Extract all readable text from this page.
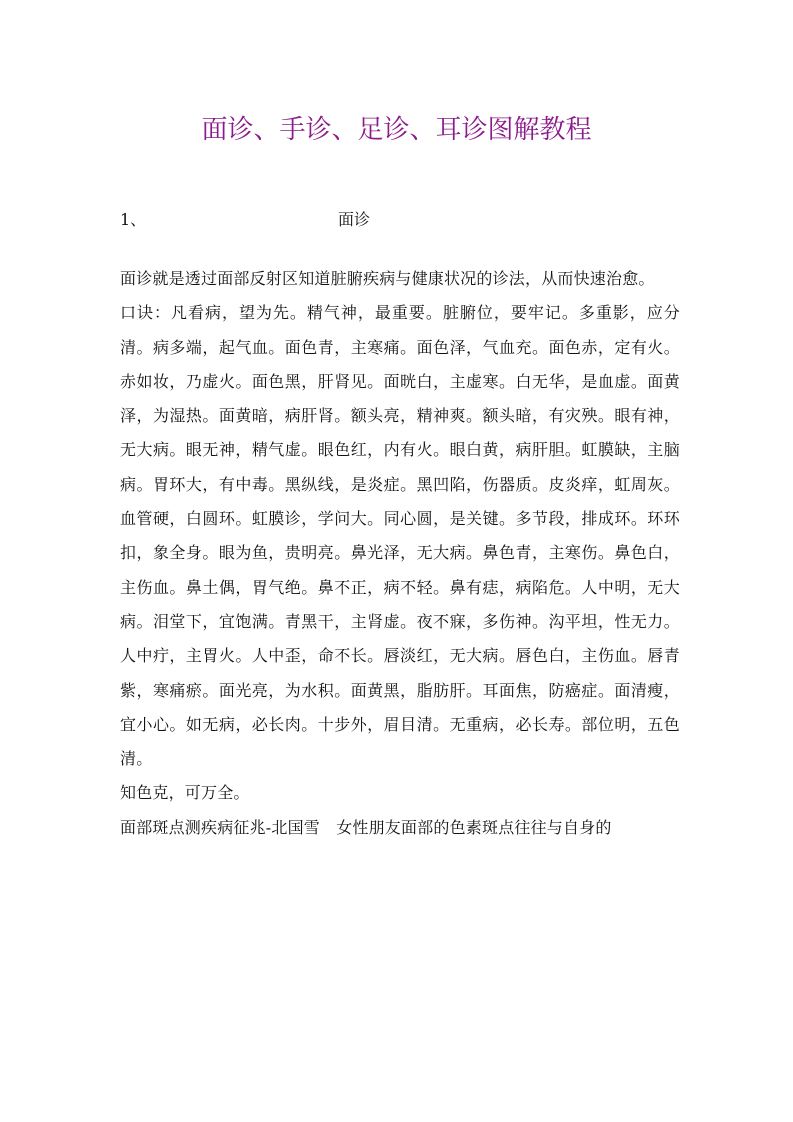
面诊、手诊、足诊、耳诊图解教程
1、	面诊

面诊就是透过面部反射区知道脏腑疾病与健康状况的诊法，从而快速治愈。

口诀：凡看病，望为先。精气神，最重要。脏腑位，要牢记。多重影，应分清。病多端，起气血。面色青，主寒痛。面色泽，气血充。面色赤，定有火。赤如妆，乃虚火。面色黑，肝肾见。面晄白，主虚寒。白无华，是血虚。面黄泽，为湿热。面黄暗，病肝肾。额头亮，精神爽。额头暗，有灾殃。眼有神，无大病。眼无神，精气虚。眼色红，内有火。眼白黄，病肝胆。虹膜缺，主脑病。胃环大，有中毒。黑纵线，是炎症。黑凹陷，伤器质。皮炎痒，虹周灰。血管硬，白圆环。虹膜诊，学问大。同心圆，是关键。多节段，排成环。环环扣，象全身。眼为鱼，贵明亮。鼻光泽，无大病。鼻色青，主寒伤。鼻色白，主伤血。鼻土偶，胃气绝。鼻不正，病不轻。鼻有痣，病陷危。人中明，无大病。泪堂下，宜饱满。青黑干，主肾虚。夜不寐，多伤神。沟平坦，性无力。人中疔，主胃火。人中歪，命不长。唇淡红，无大病。唇色白，主伤血。唇青紫，寒痛瘀。面光亮，为水积。面黄黑，脂肪肝。耳面焦，防癌症。面清瘦，宜小心。如无病，必长肉。十步外，眉目清。无重病，必长寿。部位明，五色清。

知色克，可万全。

面部斑点测疾病征兆-北国雪　女性朋友面部的色素斑点往往与自身的
